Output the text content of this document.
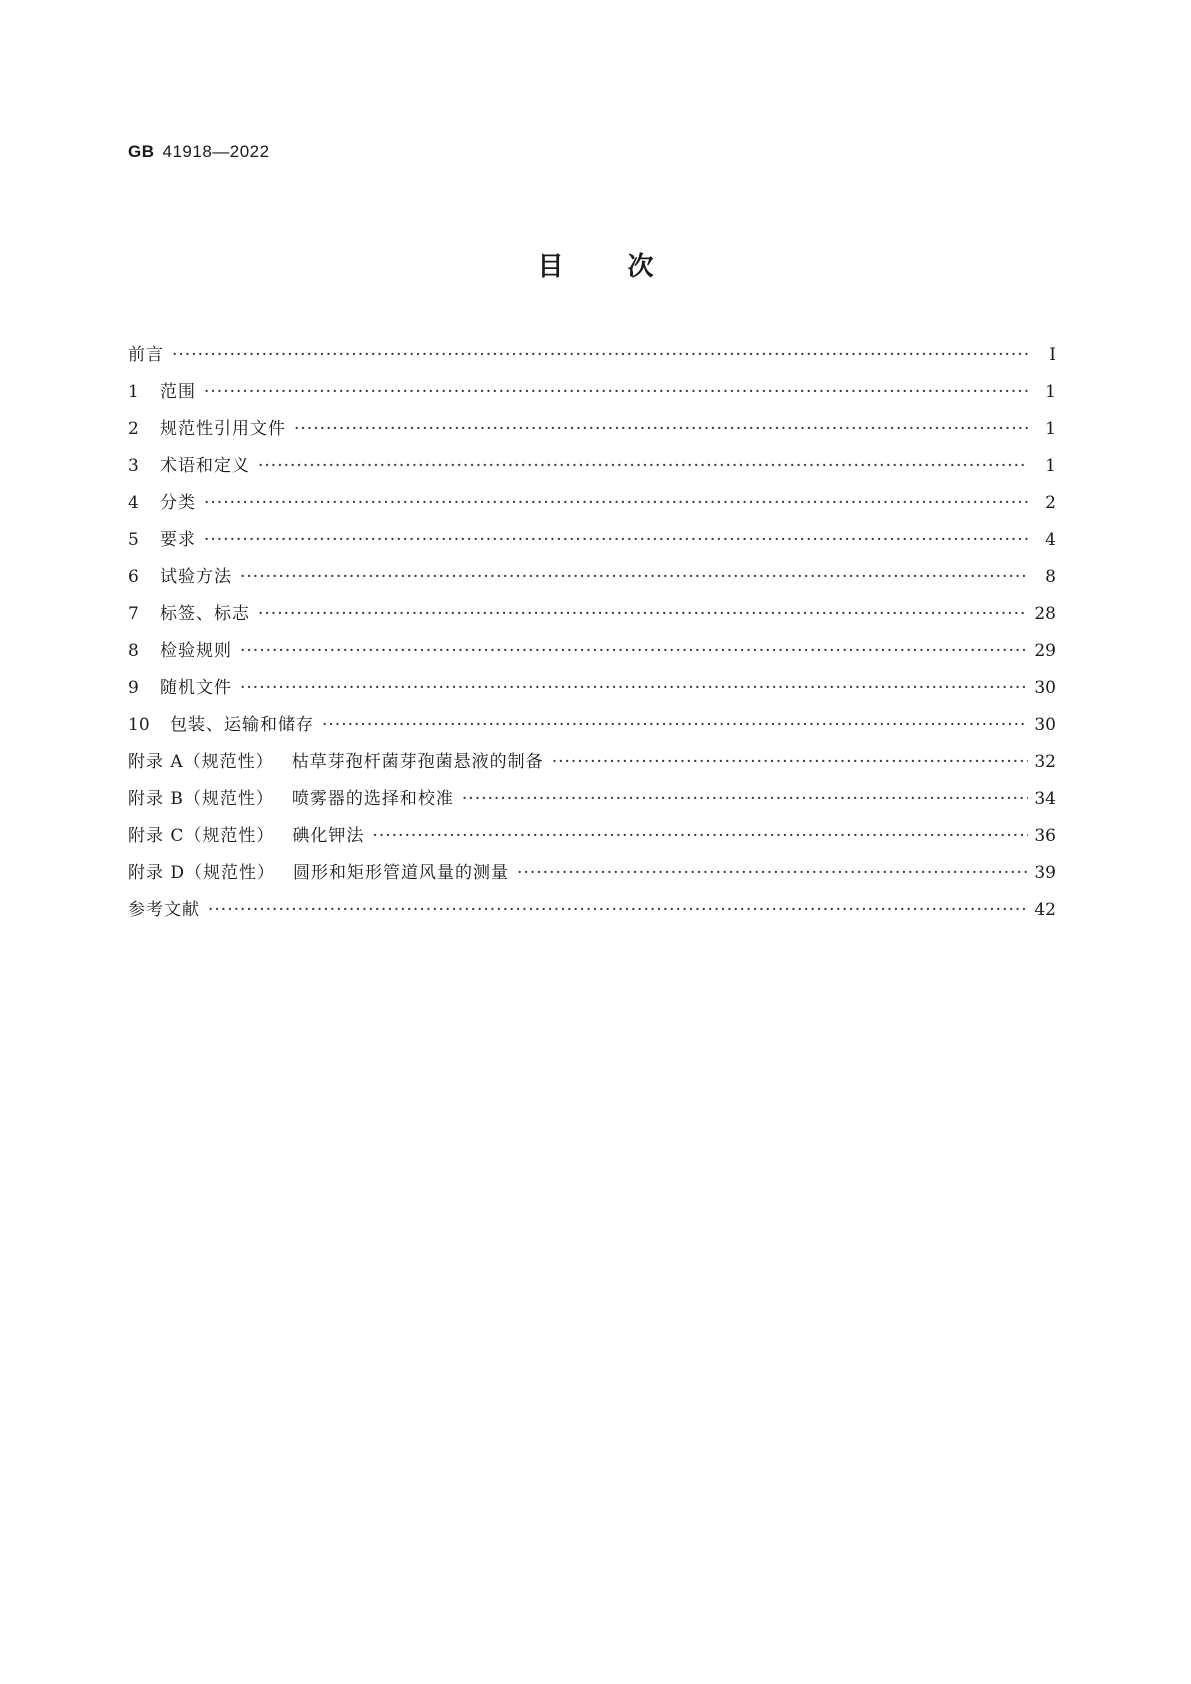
GB 41918—2022
目 次
前言 ·····	Ⅰ
1	范围 ·····	1
2	规范性引用文件 ·····	1
3	术语和定义 ·····	1
4	分类 ·····	2
5	要求 ·····	4
6	试验方法 ·····	8
7	标签、标志 ·····	28
8	检验规则 ·····	29
9	随机文件 ·····	30
10	包装、运输和储存 ·····	30
附录 A（规范性） 枯草芽孢杆菌芽孢菌悬液的制备 ·····	32
附录 B（规范性） 喷雾器的选择和校准 ·····	34
附录 C（规范性） 碘化钾法 ·····	36
附录 D（规范性） 圆形和矩形管道风量的测量 ·····	39
参考文献 ·····	42
